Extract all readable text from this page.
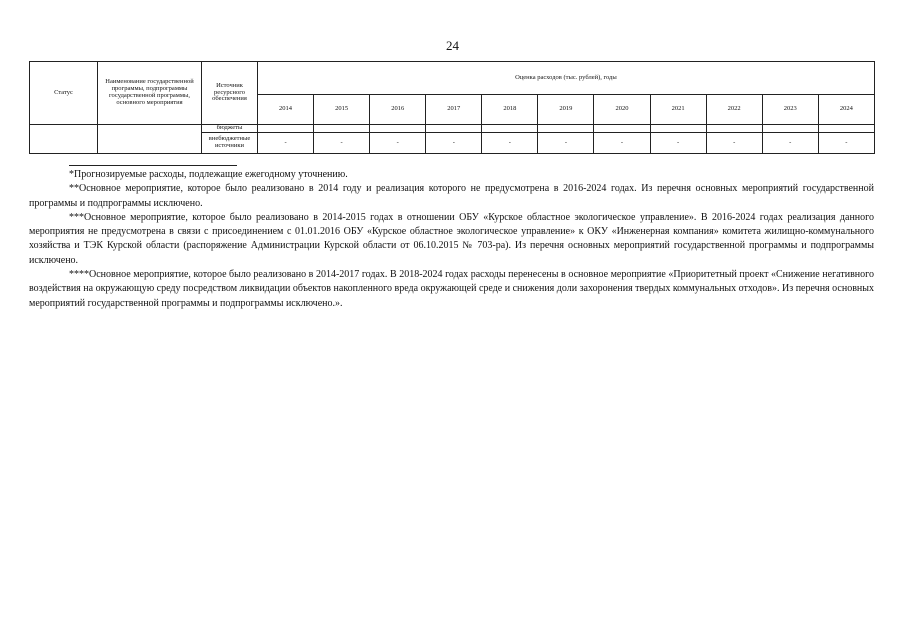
24
Статус	Наименование государственной программы, подпрограммы государственной программы, основного мероприятия	Источник ресурсного обеспечения	Оценка расходов (тыс. рублей), годы										
			2014	2015	2016	2017	2018	2019	2020	2021	2022	2023	2024
		бюджеты											
		внебюджетные источники	-	-	-	-	-	-	-	-	-	-	-

*Прогнозируемые расходы, подлежащие ежегодному уточнению.

**Основное мероприятие, которое было реализовано в 2014 году и реализация которого не предусмотрена в 2016-2024 годах. Из перечня основных мероприятий государственной программы и подпрограммы исключено.

***Основное мероприятие, которое было реализовано в 2014-2015 годах в отношении ОБУ «Курское областное экологическое управление». В 2016-2024 годах реализация данного мероприятия не предусмотрена в связи с присоединением с 01.01.2016 ОБУ «Курское областное экологическое управление» к ОКУ «Инженерная компания» комитета жилищно-коммунального хозяйства и ТЭК Курской области (распоряжение Администрации Курской области от 06.10.2015 № 703-ра). Из перечня основных мероприятий государственной программы и подпрограммы исключено.

****Основное мероприятие, которое было реализовано в 2014-2017 годах. В 2018-2024 годах расходы перенесены в основное мероприятие «Приоритетный проект «Снижение негативного воздействия на окружающую среду посредством ликвидации объектов накопленного вреда окружающей среде и снижения доли захоронения твердых коммунальных отходов». Из перечня основных мероприятий государственной программы и подпрограммы исключено.».
